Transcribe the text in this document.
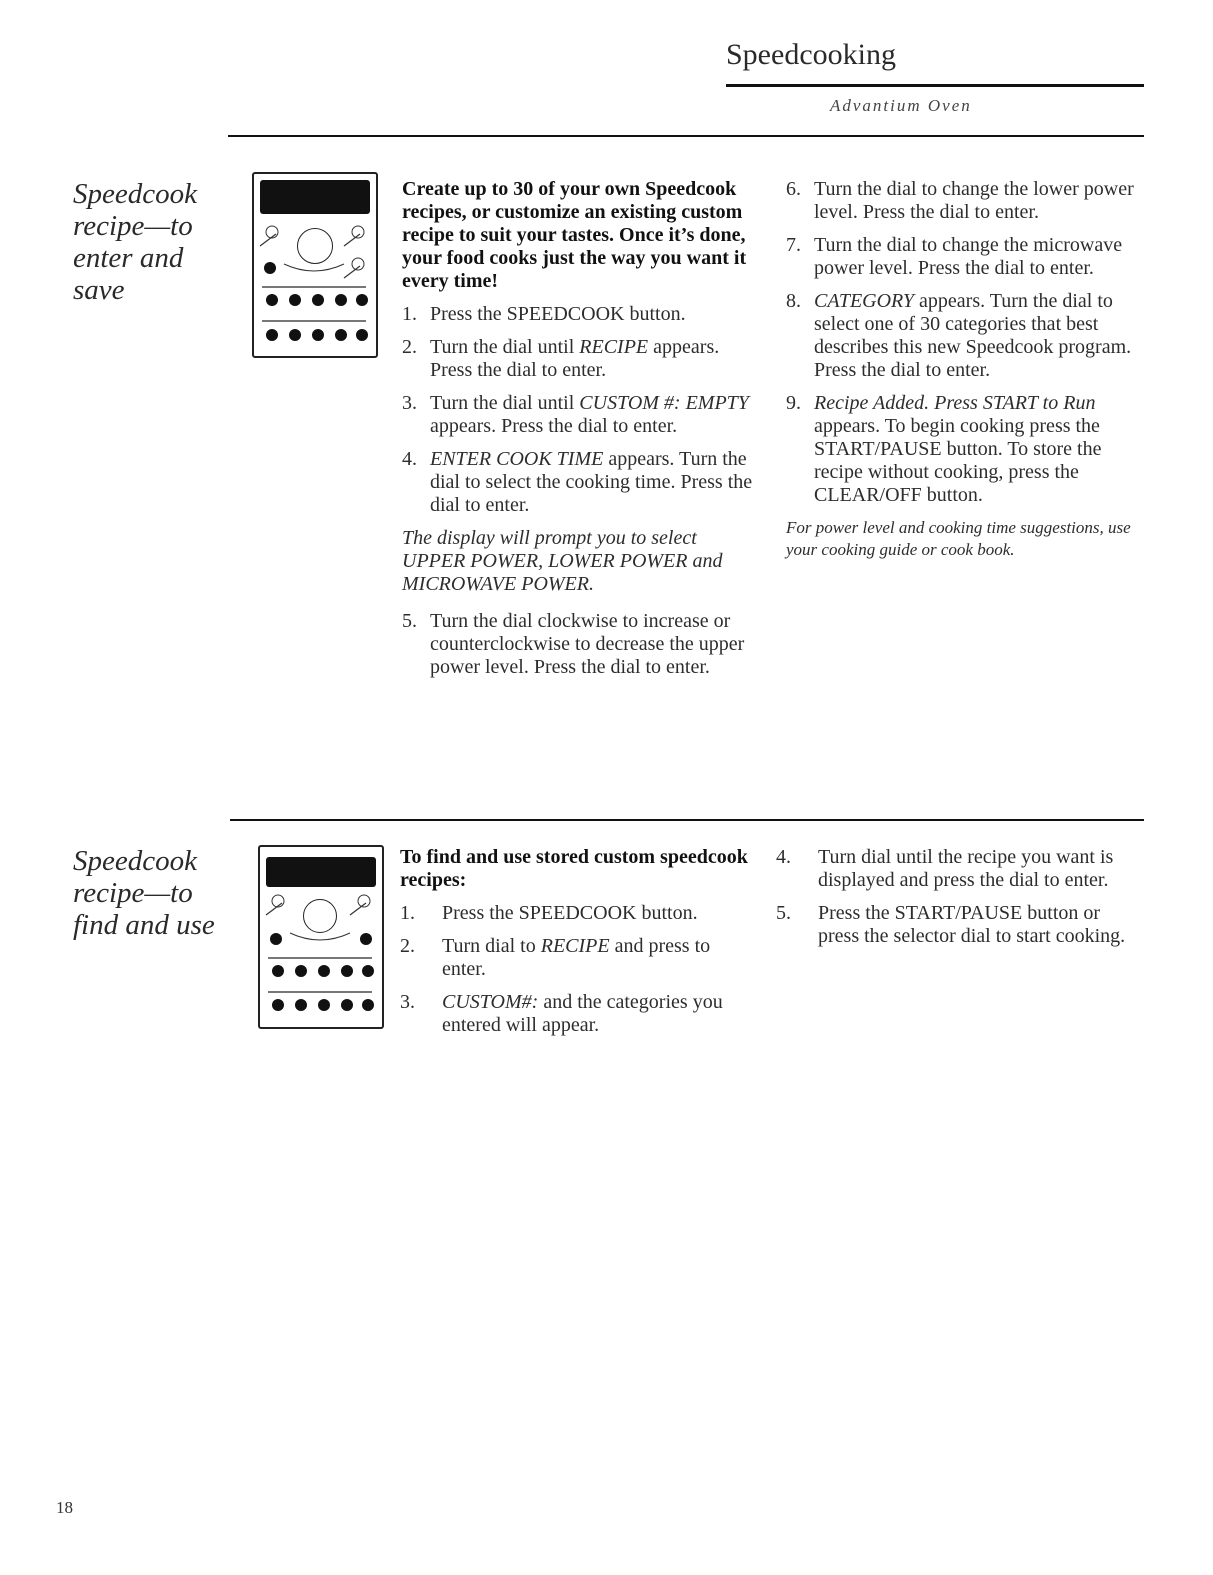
Speedcooking
Advantium Oven
Speedcook
recipe—to
enter and
save

Create up to 30 of your own Speedcook recipes, or customize an existing custom recipe to suit your tastes. Once it’s done, your food cooks just the way you want it every time!

1. Press the SPEEDCOOK button.
2. Turn the dial until RECIPE appears. Press the dial to enter.
3. Turn the dial until CUSTOM #: EMPTY appears. Press the dial to enter.
4. ENTER COOK TIME appears. Turn the dial to select the cooking time. Press the dial to enter.

The display will prompt you to select UPPER POWER, LOWER POWER and MICROWAVE POWER.

5. Turn the dial clockwise to increase or counterclockwise to decrease the upper power level. Press the dial to enter.
6. Turn the dial to change the lower power level. Press the dial to enter.
7. Turn the dial to change the microwave power level. Press the dial to enter.
8. CATEGORY appears. Turn the dial to select one of 30 categories that best describes this new Speedcook program. Press the dial to enter.
9. Recipe Added. Press START to Run appears. To begin cooking press the START/PAUSE button. To store the recipe without cooking, press the CLEAR/OFF button.

For power level and cooking time suggestions, use your cooking guide or cook book.

Speedcook
recipe—to
find and use

To find and use stored custom speedcook recipes:

1.	Press the SPEEDCOOK button.
2.	Turn dial to RECIPE and press to enter.
3.	CUSTOM#: and the categories you entered will appear.
4.	Turn dial until the recipe you want is displayed and press the dial to enter.
5.	Press the START/PAUSE button or press the selector dial to start cooking.
18
